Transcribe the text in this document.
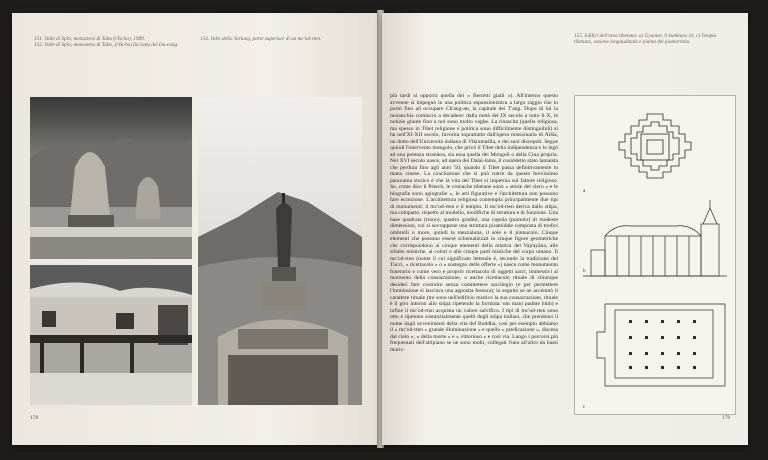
151. Valle di Spiti, monastero di Tabo (rTa-bo), 1989.
152. Valle di Spiti, monastero di Tabo, (rTa-bo) facciata del Du-cang.
154. Valle dello Yarlung, parte superiore di un mc'od-rten.
178

più tardi si opporrà quella dei « Berretti gialli »). All'interno questo avvenne si impegnò in una politica espansionistica a largo raggio che lo portò fino ad occupare Ch'ang-an, la capitale dei T'ang. Dopo di lui la monarchia cominciò a decadere: dalla metà del IX secolo a tutto il X, le notizie giunte fino a noi sono molto vaghe. La rinascita (quella religiosa, ma spesso in Tibet religione e politica sono difficilmente distinguibili) si ha nell'XI-XII secolo, favorita soprattutto dall'opera missionaria di Atīśa, un dotto dell'Università indiana di Vikramaśīla, e dei suoi discepoli. Segue quindi l'intervento mongolo, che privò il Tibet della indipendenza e lo legò ad una potenza straniera, sia essa quella dei Mongoli o della Cina propria. Nel XVI secolo nasce, ad opera dei Dalai-lama, il cosiddetto stato lamaista che perdura fino agli anni '50, quando il Tibet passa definitivamente in mano cinese. La conclusione che si può trarre da questo brevissimo panorama storico è che la vita del Tibet si impernia sul fattore religioso. Se, come dice il Petech, le cronache tibetane sono « storie del clero » e le biografie sono agiografie », le arti figurative e l'architettura non possono fare eccezione. L'architettura religiosa contempla principalmente due tipi di monumenti: il mc'od-rten e il tempio. Il mc'od-rten deriva dallo stūpa, ma compatto, rispetto al modello, modifiche di struttura e di funzione. Una base quadrata (trono), quattro gradini, una cupola (pomolo) di modeste dimensioni, cui si sovrappone una struttura piramidale composta di tredici ombrelli o more, quindi la mezzaluna, il sole e il pinnacolo. Cinque elementi che possono essere schematizzati in cinque figure geometriche che corrispondono ai cinque elementi della mistica del Vajrayāna, alle sillabe mistiche, ai colori e alle cinque parti mistiche del corpo umano. Il mc'od-rten (nome il cui significato letterale è, secondo la tradizione del Tucci, « ricettacolo » o « sostegno delle offerte ») nasce come monumento funerario e come vero e proprio ricettacolo di oggetti sacri, immessivi al momento della consacrazione, o anche ricettacolo rituale di chiunque desideri fare costruire senza commettere sacrilegio (e per permettere l'immissione si lasciava una apposita fessura); in seguito se ne accentuò il carattere rituale (tre sono nell'edificio mistico la sua consacrazione, rituale è il giro intorno allo stūpa ripetendo la formula: om mani padme hūṁ) e infine il mc'od-rten acquista un valore salvifico. I tipi di mc'od-rten sono otto e ripetono sostanzialmente quelli degli stūpa indiani, che prendono il nome dagli avvenimenti della vita del Buddha, così per esempio abbiamo il « mc'od-rten » grande illuminazione » e quello « predicazione », discesa dal cielo », « della morte » e « vittorioso » e così via. Lungo i percorsi più frequentati dell'altipiano se ne sono molti, collegati l'uno all'altro da bassi muric-

155. Edifici dell'area tibetana: a) Gyantse, il kumbum; b), c) Tempio tibetano, sezione longitudinale e pianta del pianterreno.
a
b
c
179
